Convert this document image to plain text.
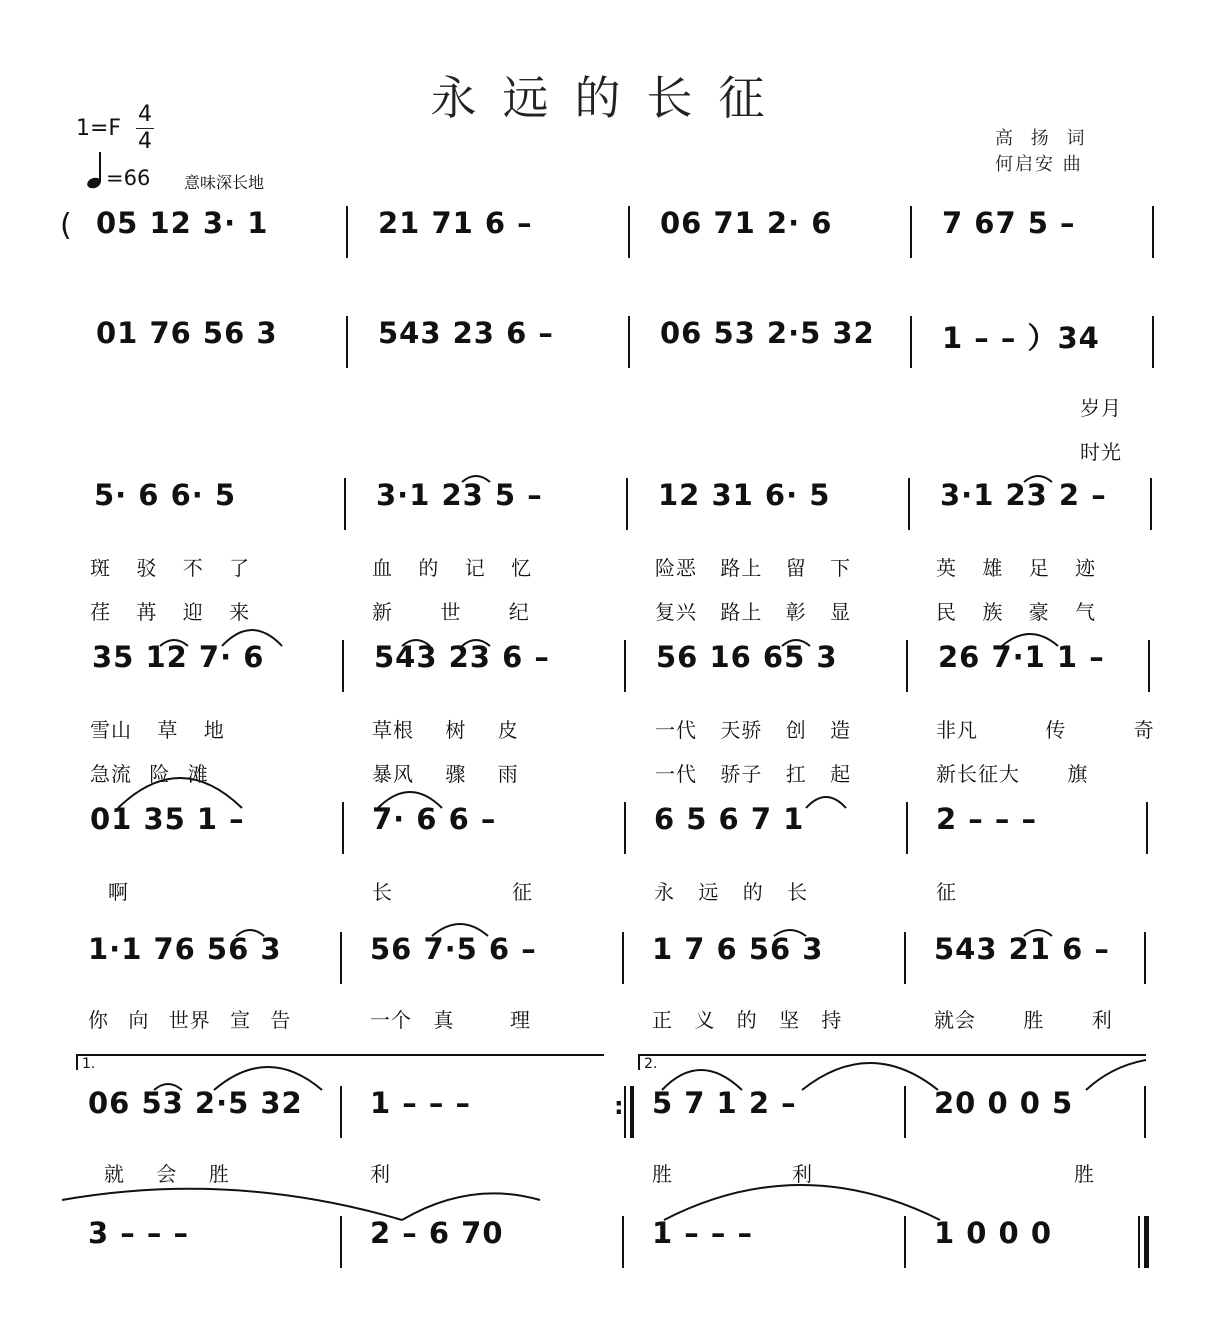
永远的长征
高 扬 词
何启安 曲
1=F
4
4
=66 意味深长地
( 05 12 3· 1	21 71 6 –	06 71 2· 6	7 67 5 –
01 76 56 3	543 23 6 –	06 53 2·5 32 1 – – ）34
岁月
时光
5· 6 6· 5	3·1 23 5 –	12 31 6· 5	3·1 23 2 –
斑 驳 不 了	血 的 记 忆	险恶 路上 留 下	英 雄 足 迹
荏 苒 迎 来	新 世 纪	复兴 路上 彰 显	民 族 豪 气
35 12 7· 6	543 23 6 –	56 16 65 3	26 7·1 1 –
雪山 草 地	草根 树 皮	一代 天骄 创 造	非凡 传 奇
急流 险 滩	暴风 骤 雨	一代 骄子 扛 起	新长征大 旗
01 35 1 –	7· 6 6 –	6 5 6 7 1	2 – – –
啊	长	征	永 远 的 长	征
1·1 76 56 3	56 7·5 6 –	1 7 6 56 3	543 21 6 –
你 向 世界 宣 告	一个 真	理	正 义 的 坚 持	就会 胜 利
1.	2.
06 53 2·5 32 1 – – –	: 5 7 1 2 –	20 0 0 5
就 会 胜	利	胜	利	胜
3 – – –	2 – 6 70	1 – – –	1 0 0 0
